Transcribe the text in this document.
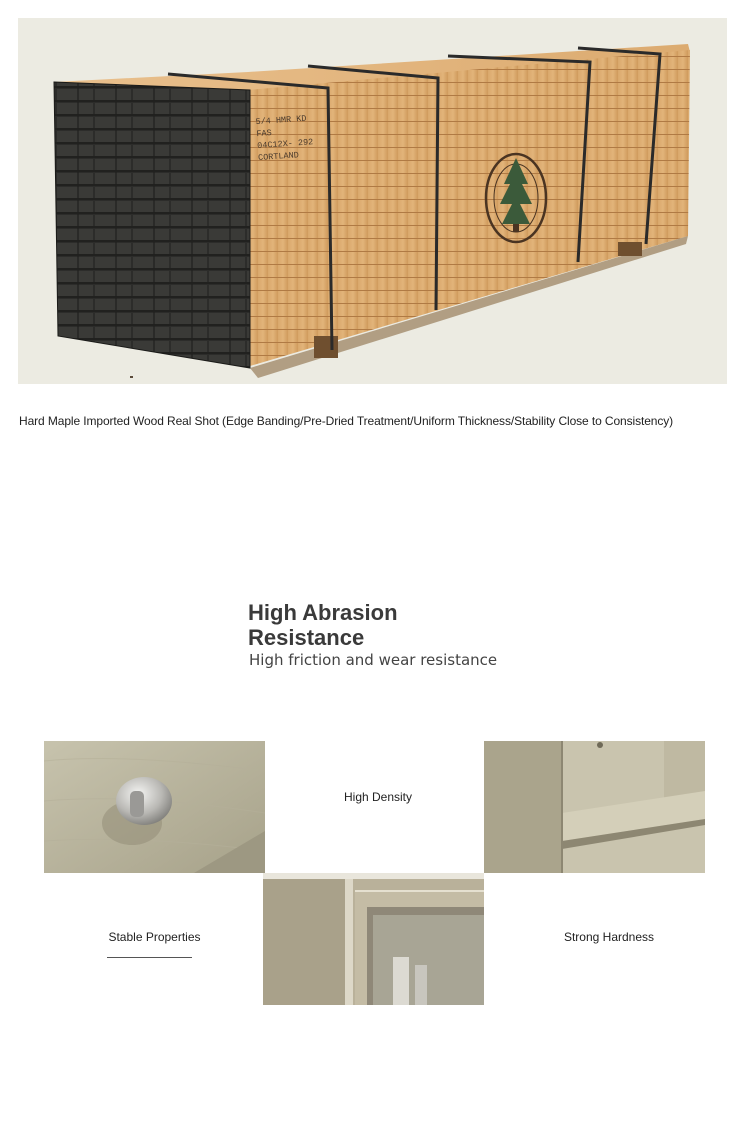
5/4 HMR KD
FAS
04C12X- 292
CORTLAND
Hard Maple Imported Wood Real Shot (Edge Banding/Pre-Dried Treatment/Uniform Thickness/Stability Close to Consistency)
High Abrasion Resistance
High friction and wear resistance
High Density
Stable Properties	Strong Hardness
